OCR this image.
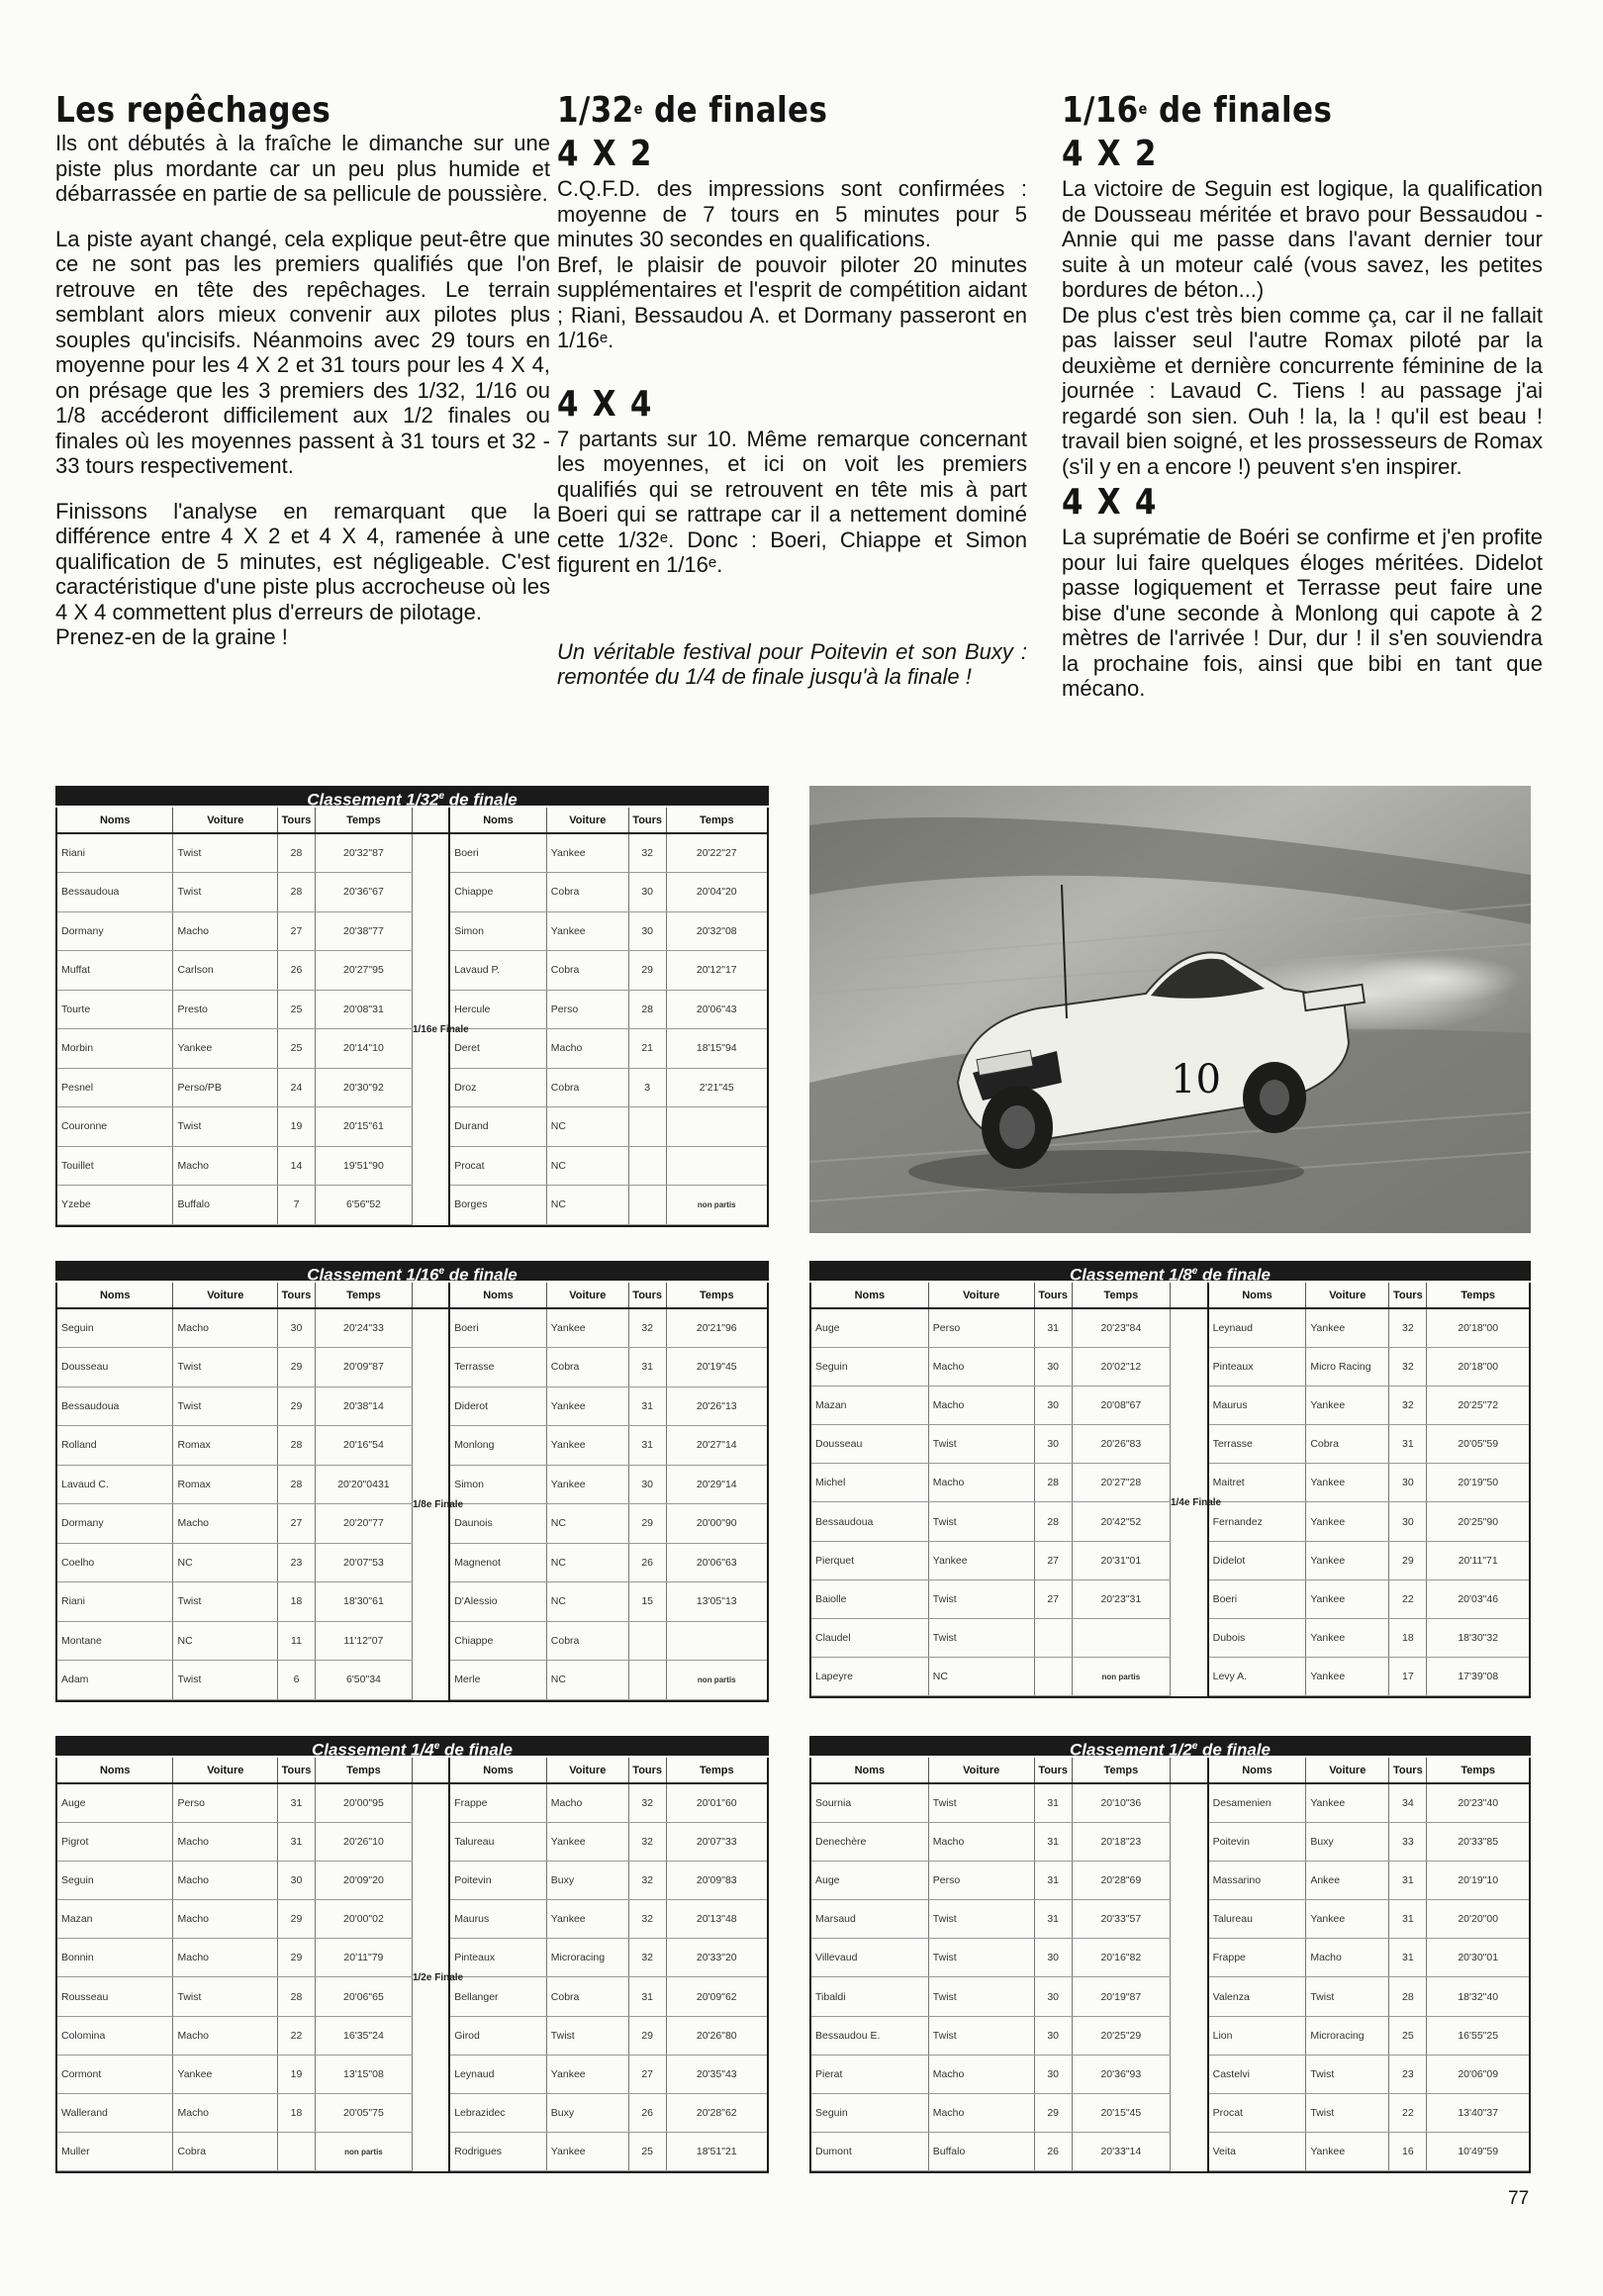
Les repêchages

Ils ont débutés à la fraîche le dimanche sur une piste plus mordante car un peu plus humide et débarrassée en partie de sa pellicule de poussière.

La piste ayant changé, cela explique peut-être que ce ne sont pas les premiers qualifiés que l'on retrouve en tête des repêchages. Le terrain semblant alors mieux convenir aux pilotes plus souples qu'incisifs. Néanmoins avec 29 tours en moyenne pour les 4 X 2 et 31 tours pour les 4 X 4, on présage que les 3 premiers des 1/32, 1/16 ou 1/8 accéderont difficilement aux 1/2 finales ou finales où les moyennes passent à 31 tours et 32 - 33 tours respectivement.

Finissons l'analyse en remarquant que la différence entre 4 X 2 et 4 X 4, ramenée à une qualification de 5 minutes, est négligeable. C'est caractéristique d'une piste plus accrocheuse où les 4 X 4 commettent plus d'erreurs de pilotage.

Prenez-en de la graine !

1/32e de finales
4 X 2

C.Q.F.D. des impressions sont confirmées : moyenne de 7 tours en 5 minutes pour 5 minutes 30 secondes en qualifications.

Bref, le plaisir de pouvoir piloter 20 minutes supplémentaires et l'esprit de compétition aidant ; Riani, Bessaudou A. et Dormany passeront en 1/16e.

4 X 4

7 partants sur 10. Même remarque concernant les moyennes, et ici on voit les premiers qualifiés qui se retrouvent en tête mis à part Boeri qui se rattrape car il a nettement dominé cette 1/32e. Donc : Boeri, Chiappe et Simon figurent en 1/16e.

Un véritable festival pour Poitevin et son Buxy : remontée du 1/4 de finale jusqu'à la finale !

1/16e de finales
4 X 2

La victoire de Seguin est logique, la qualification de Dousseau méritée et bravo pour Bessaudou - Annie qui me passe dans l'avant dernier tour suite à un moteur calé (vous savez, les petites bordures de béton...)

De plus c'est très bien comme ça, car il ne fallait pas laisser seul l'autre Romax piloté par la deuxième et dernière concurrente féminine de la journée : Lavaud C. Tiens ! au passage j'ai regardé son sien. Ouh ! la, la ! qu'il est beau ! travail bien soigné, et les prossesseurs de Romax (s'il y en a encore !) peuvent s'en inspirer.

4 X 4

La suprématie de Boéri se confirme et j'en profite pour lui faire quelques éloges méritées. Didelot passe logiquement et Terrasse peut faire une bise d'une seconde à Monlong qui capote à 2 mètres de l'arrivée ! Dur, dur ! il s'en souviendra la prochaine fois, ainsi que bibi en tant que mécano.

Classement 1/32e de finale
Noms	Voiture	Tours	Temps		Noms	Voiture	Tours	Temps
Riani	Twist	28	20'32"87	1/16e Finale	Boeri	Yankee	32	20'22"27
Bessaudoua	Twist	28	20'36"67		Chiappe	Cobra	30	20'04"20
Dormany	Macho	27	20'38"77		Simon	Yankee	30	20'32"08
Muffat	Carlson	26	20'27"95		Lavaud P.	Cobra	29	20'12"17
Tourte	Presto	25	20'08"31		Hercule	Perso	28	20'06"43
Morbin	Yankee	25	20'14"10		Deret	Macho	21	18'15"94
Pesnel	Perso/PB	24	20'30"92		Droz	Cobra	3	2'21"45
Couronne	Twist	19	20'15"61		Durand	NC		
Touillet	Macho	14	19'51"90		Procat	NC		
Yzebe	Buffalo	7	6'56"52		Borges	NC		non partis
Classement 1/16e de finale
Noms	Voiture	Tours	Temps		Noms	Voiture	Tours	Temps
Seguin	Macho	30	20'24"33	1/8e Finale	Boeri	Yankee	32	20'21"96
Dousseau	Twist	29	20'09"87		Terrasse	Cobra	31	20'19"45
Bessaudoua	Twist	29	20'38"14		Diderot	Yankee	31	20'26"13
Rolland	Romax	28	20'16"54		Monlong	Yankee	31	20'27"14
Lavaud C.	Romax	28	20'20"0431		Simon	Yankee	30	20'29"14
Dormany	Macho	27	20'20"77		Daunois	NC	29	20'00"90
Coelho	NC	23	20'07"53		Magnenot	NC	26	20'06"63
Riani	Twist	18	18'30"61		D'Alessio	NC	15	13'05"13
Montane	NC	11	11'12"07		Chiappe	Cobra		
Adam	Twist	6	6'50"34		Merle	NC		non partis
Classement 1/8e de finale
Noms	Voiture	Tours	Temps		Noms	Voiture	Tours	Temps
Auge	Perso	31	20'23"84	1/4e Finale	Leynaud	Yankee	32	20'18"00
Seguin	Macho	30	20'02"12		Pinteaux	Micro Racing	32	20'18"00
Mazan	Macho	30	20'08"67		Maurus	Yankee	32	20'25"72
Dousseau	Twist	30	20'26"83		Terrasse	Cobra	31	20'05"59
Michel	Macho	28	20'27"28		Maitret	Yankee	30	20'19"50
Bessaudoua	Twist	28	20'42"52		Fernandez	Yankee	30	20'25"90
Pierquet	Yankee	27	20'31"01		Didelot	Yankee	29	20'11"71
Baiolle	Twist	27	20'23"31		Boeri	Yankee	22	20'03"46
Claudel	Twist				Dubois	Yankee	18	18'30"32
Lapeyre	NC		non partis		Levy A.	Yankee	17	17'39"08
Classement 1/4e de finale
Noms	Voiture	Tours	Temps		Noms	Voiture	Tours	Temps
Auge	Perso	31	20'00"95	1/2e Finale	Frappe	Macho	32	20'01"60
Pigrot	Macho	31	20'26"10		Talureau	Yankee	32	20'07"33
Seguin	Macho	30	20'09"20		Poitevin	Buxy	32	20'09"83
Mazan	Macho	29	20'00"02		Maurus	Yankee	32	20'13"48
Bonnin	Macho	29	20'11"79		Pinteaux	Microracing	32	20'33"20
Rousseau	Twist	28	20'06"65		Bellanger	Cobra	31	20'09"62
Colomina	Macho	22	16'35"24		Girod	Twist	29	20'26"80
Cormont	Yankee	19	13'15"08		Leynaud	Yankee	27	20'35"43
Wallerand	Macho	18	20'05"75		Lebrazidec	Buxy	26	20'28"62
Muller	Cobra		non partis		Rodrigues	Yankee	25	18'51"21
Classement 1/2e de finale
Noms	Voiture	Tours	Temps		Noms	Voiture	Tours	Temps
Sournia	Twist	31	20'10"36		Desamenien	Yankee	34	20'23"40
Denechère	Macho	31	20'18"23		Poitevin	Buxy	33	20'33"85
Auge	Perso	31	20'28"69		Massarino	Ankee	31	20'19"10
Marsaud	Twist	31	20'33"57		Talureau	Yankee	31	20'20"00
Villevaud	Twist	30	20'16"82		Frappe	Macho	31	20'30"01
Tibaldi	Twist	30	20'19"87		Valenza	Twist	28	18'32"40
Bessaudou E.	Twist	30	20'25"29		Lion	Microracing	25	16'55"25
Pierat	Macho	30	20'36"93		Castelvi	Twist	23	20'06"09
Seguin	Macho	29	20'15"45		Procat	Twist	22	13'40"37
Dumont	Buffalo	26	20'33"14		Veita	Yankee	16	10'49"59
10
77
